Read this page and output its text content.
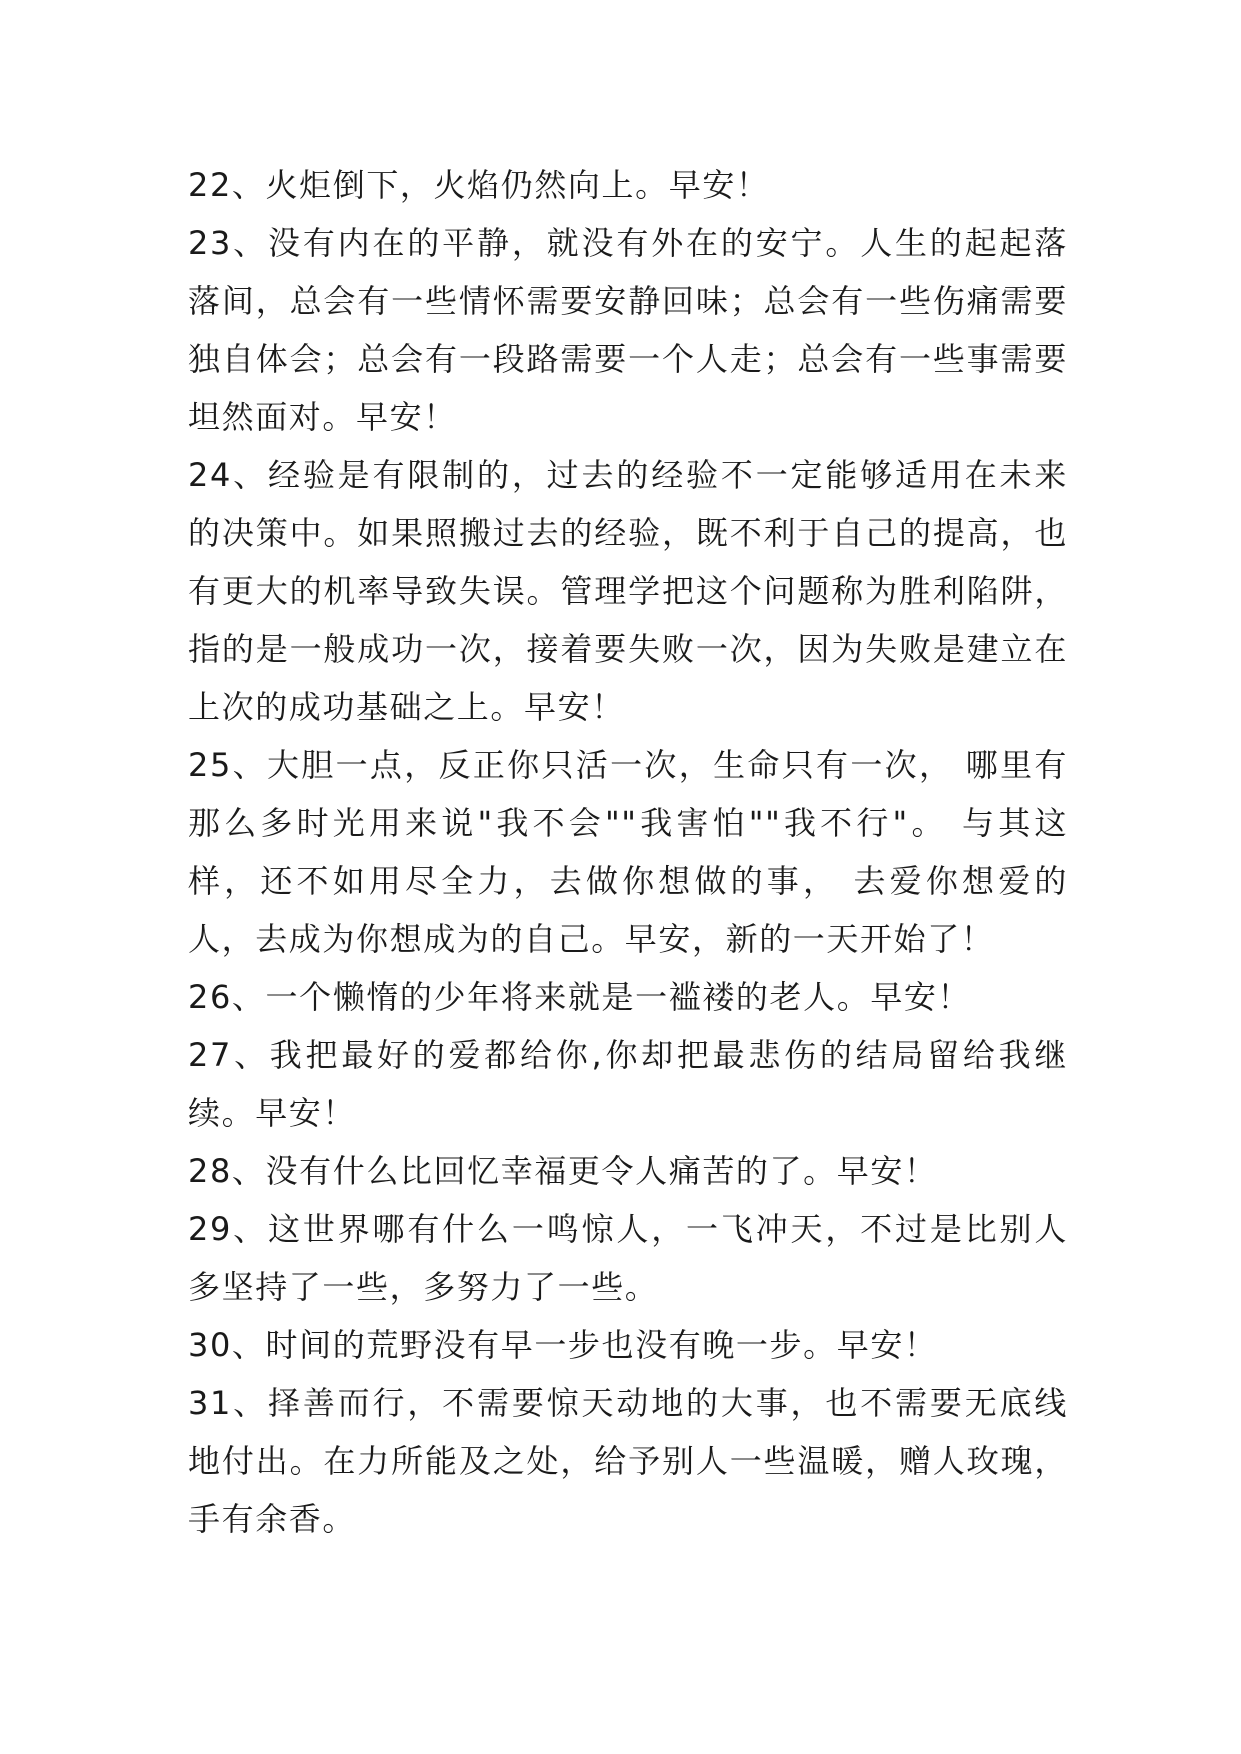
22、火炬倒下，火焰仍然向上。早安！

23、没有内在的平静，就没有外在的安宁。人生的起起落落间，总会有一些情怀需要安静回味；总会有一些伤痛需要独自体会；总会有一段路需要一个人走；总会有一些事需要坦然面对。早安！

24、经验是有限制的，过去的经验不一定能够适用在未来的决策中。如果照搬过去的经验，既不利于自己的提高，也有更大的机率导致失误。管理学把这个问题称为胜利陷阱，指的是一般成功一次，接着要失败一次，因为失败是建立在上次的成功基础之上。早安！

25、大胆一点，反正你只活一次，生命只有一次， 哪里有那么多时光用来说"我不会""我害怕""我不行"。 与其这样，还不如用尽全力，去做你想做的事， 去爱你想爱的人，去成为你想成为的自己。早安，新的一天开始了！

26、一个懒惰的少年将来就是一褴褛的老人。早安！

27、我把最好的爱都给你,你却把最悲伤的结局留给我继续。早安！

28、没有什么比回忆幸福更令人痛苦的了。早安！

29、这世界哪有什么一鸣惊人，一飞冲天，不过是比别人多坚持了一些，多努力了一些。

30、时间的荒野没有早一步也没有晚一步。早安！

31、择善而行，不需要惊天动地的大事，也不需要无底线地付出。在力所能及之处，给予别人一些温暖，赠人玫瑰，手有余香。
